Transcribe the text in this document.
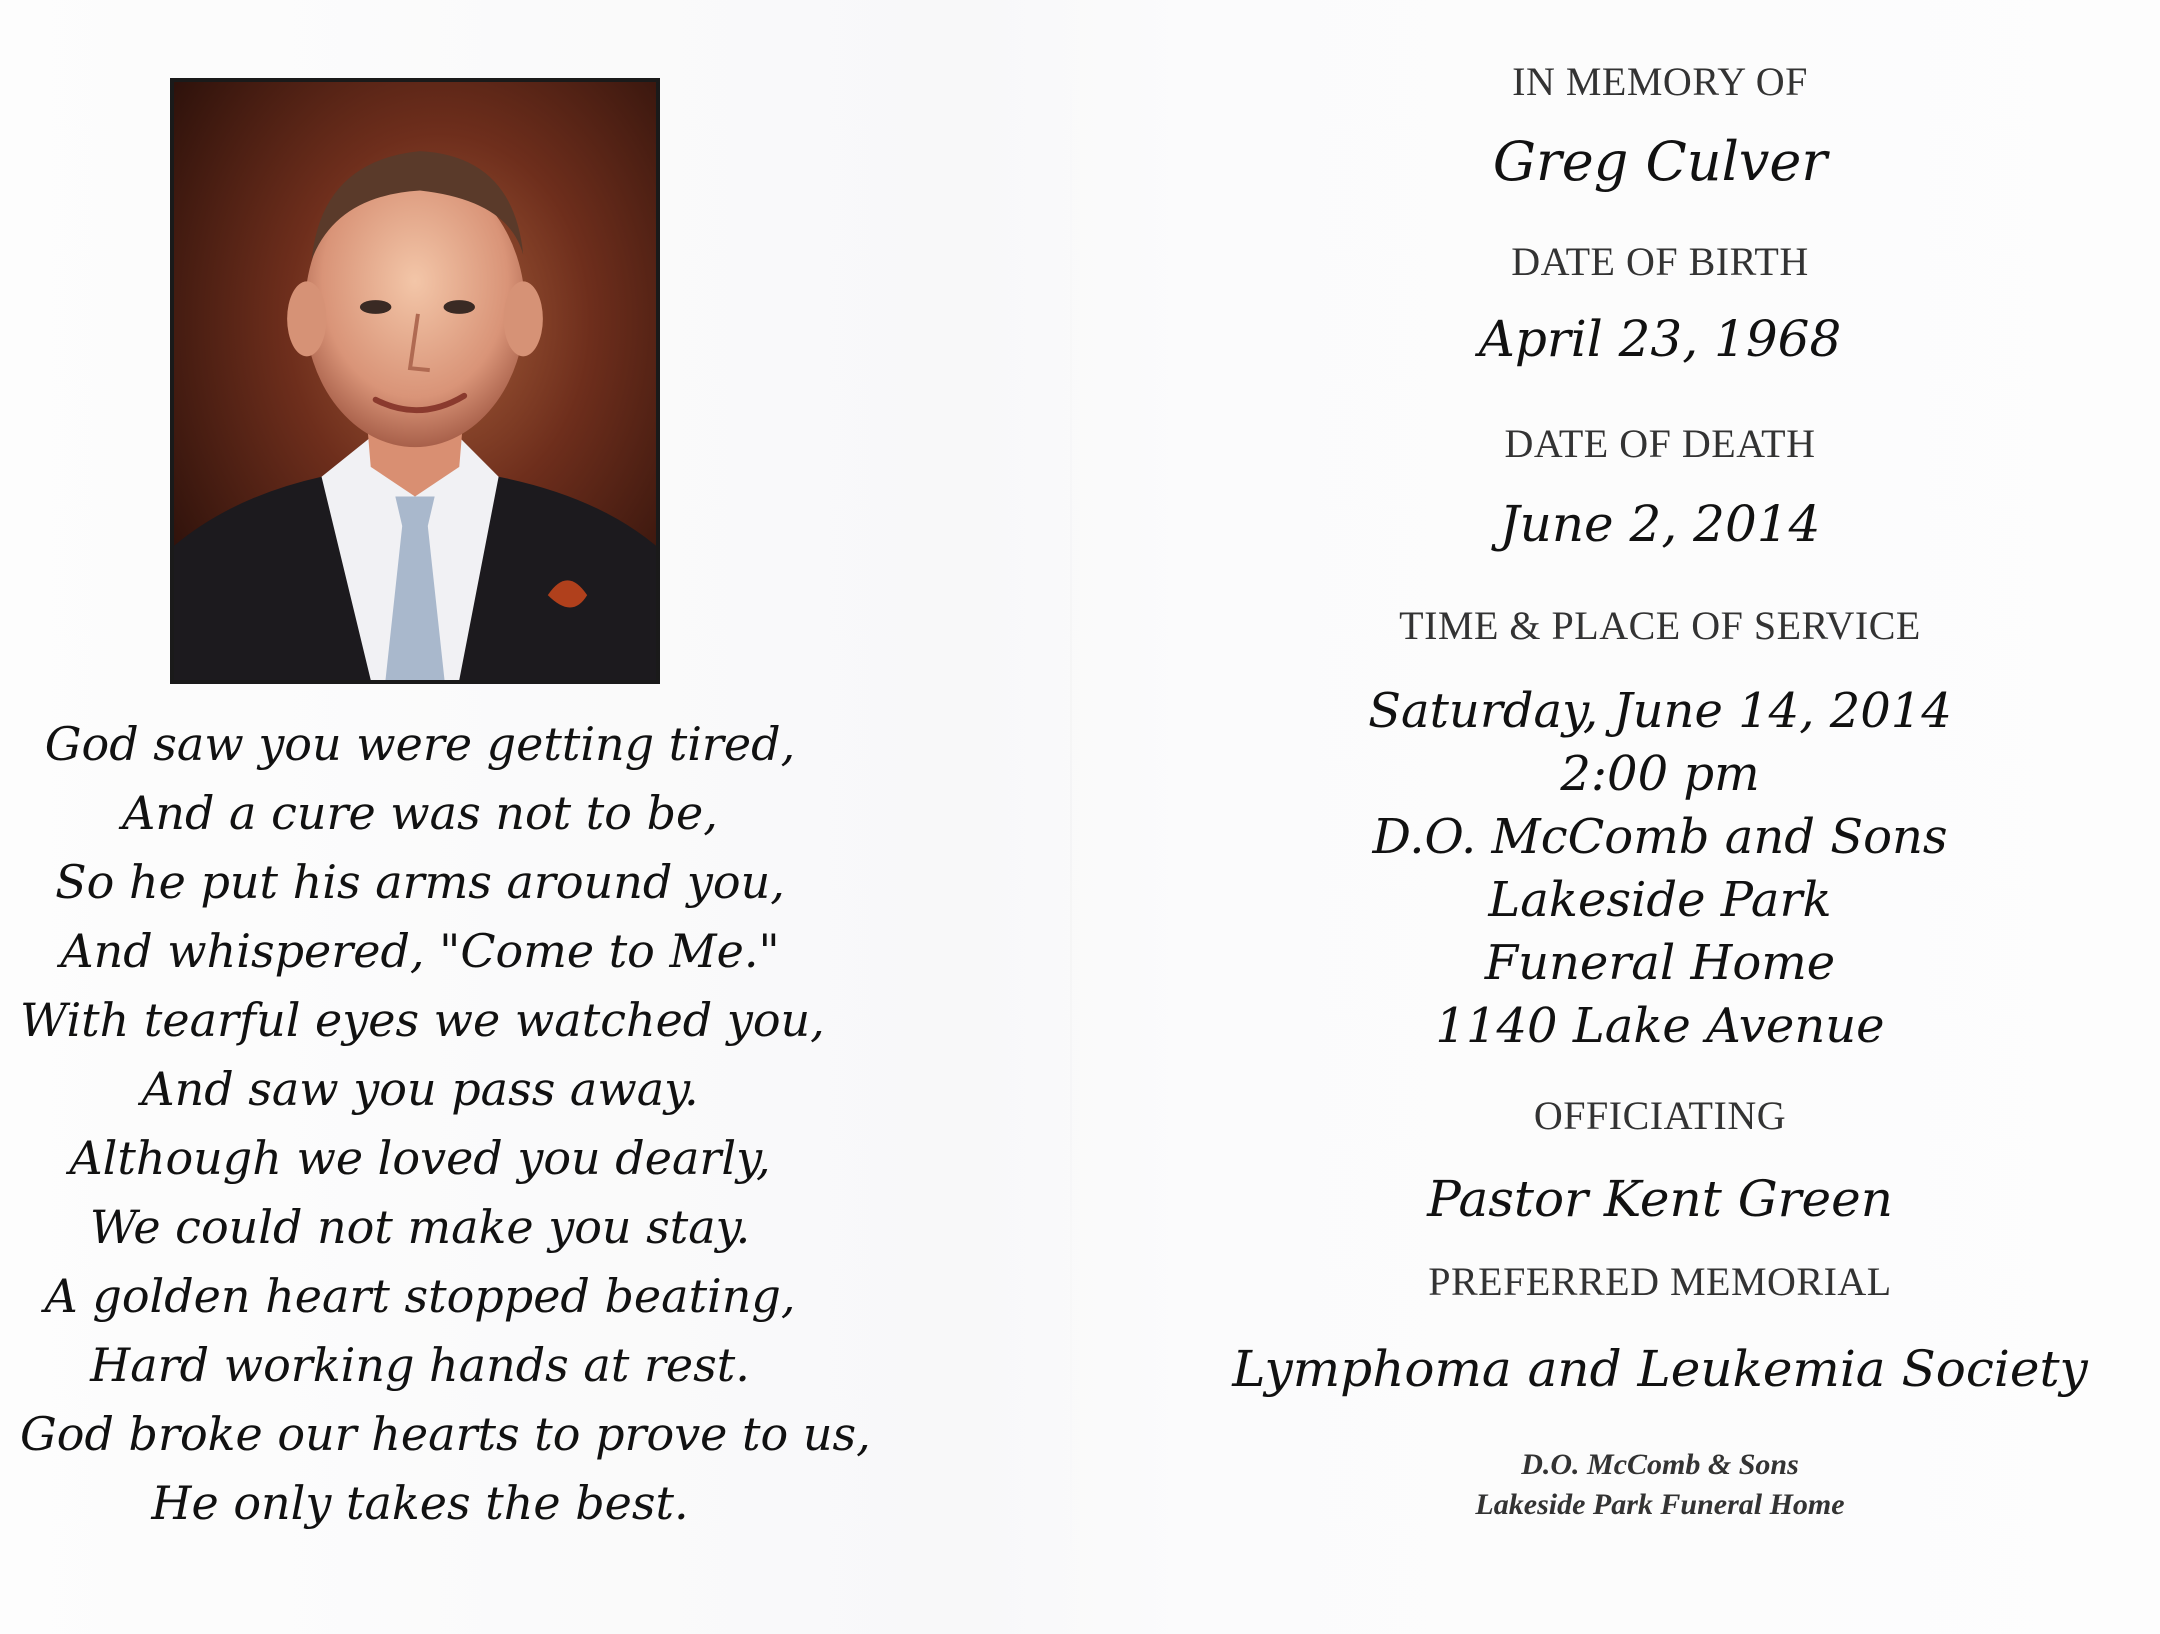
God saw you were getting tired,
And a cure was not to be,
So he put his arms around you,
And whispered, "Come to Me."
With tearful eyes we watched you,
And saw you pass away.
Although we loved you dearly,
We could not make you stay.
A golden heart stopped beating,
Hard working hands at rest.
God broke our hearts to prove to us,
He only takes the best.
IN MEMORY OF
Greg Culver
DATE OF BIRTH
April 23, 1968
DATE OF DEATH
June 2, 2014
TIME & PLACE OF SERVICE
Saturday, June 14, 2014
2:00 pm
D.O. McComb and Sons
Lakeside Park
Funeral Home
1140 Lake Avenue
OFFICIATING
Pastor Kent Green
PREFERRED MEMORIAL
Lymphoma and Leukemia Society
D.O. McComb & Sons
Lakeside Park Funeral Home
